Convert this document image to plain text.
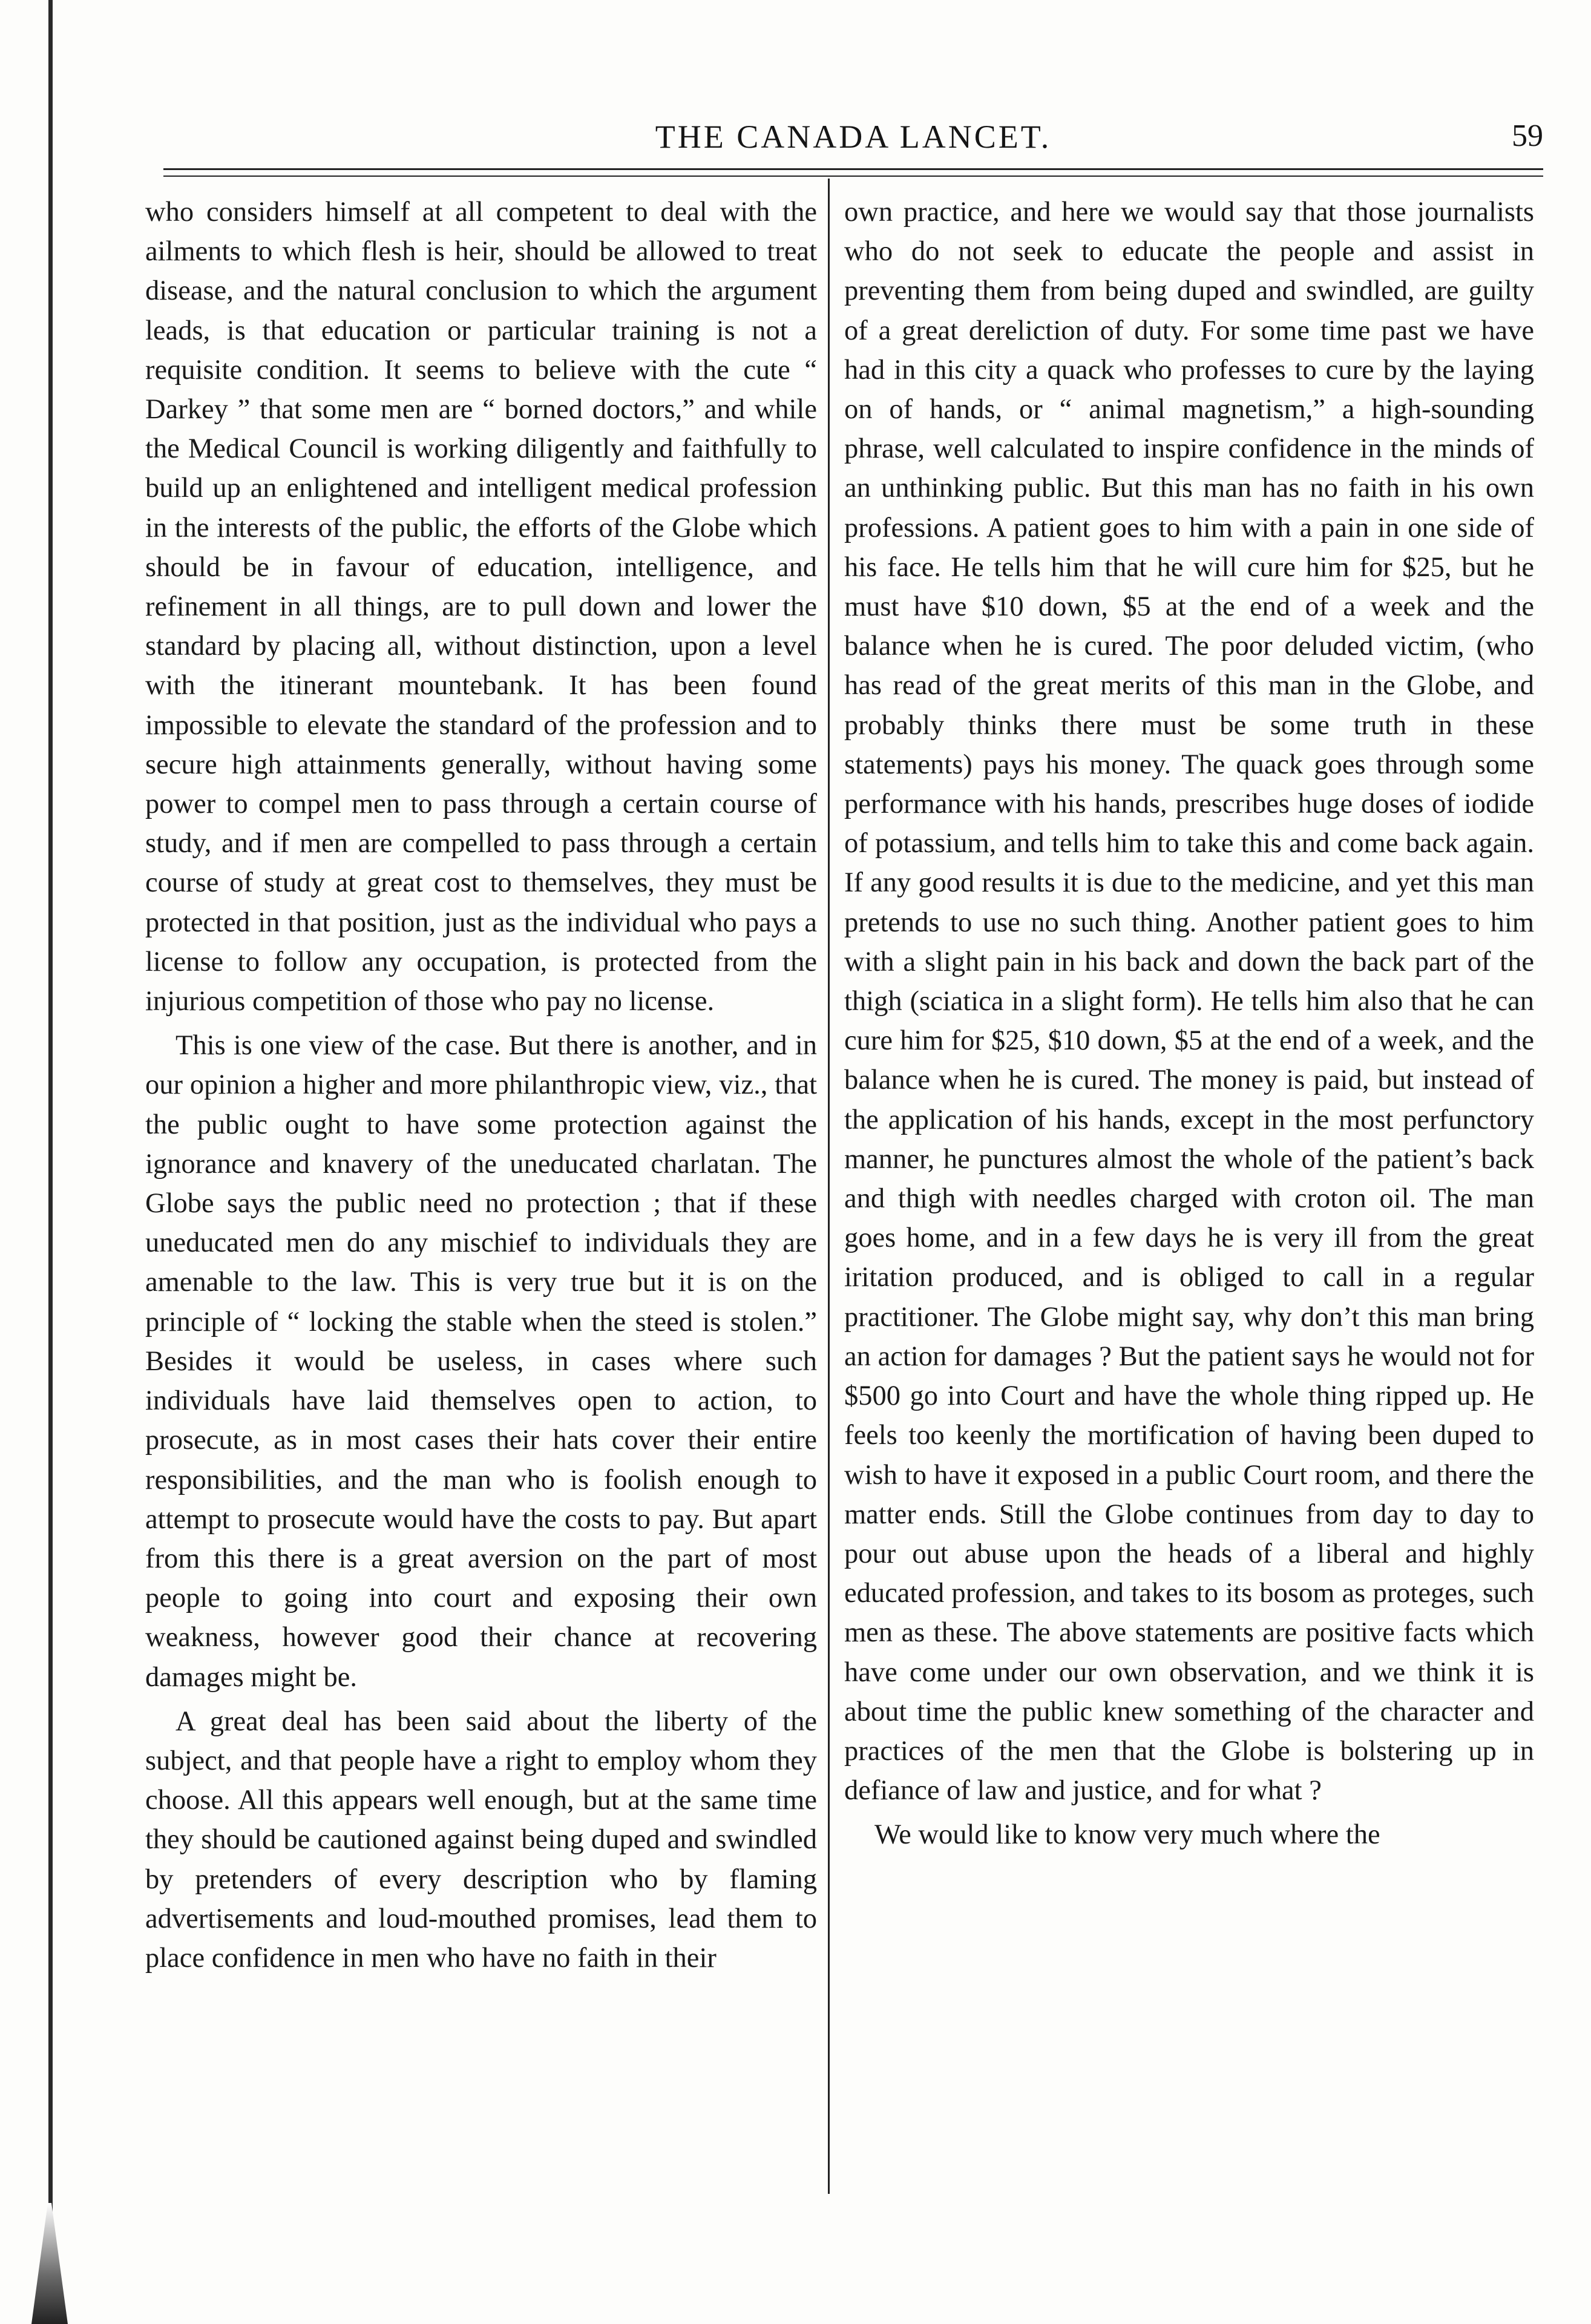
THE CANADA LANCET.	59

who considers himself at all competent to deal with the ailments to which flesh is heir, should be allowed to treat disease, and the natural conclusion to which the argument leads, is that education or particular training is not a requisite condition. It seems to believe with the cute “ Darkey ” that some men are “ borned doctors,” and while the Medical Council is working diligently and faithfully to build up an enlightened and intelligent medical profession in the interests of the public, the efforts of the Globe which should be in favour of education, intelligence, and refinement in all things, are to pull down and lower the standard by placing all, without distinction, upon a level with the itinerant mountebank. It has been found impossible to elevate the standard of the profession and to secure high attainments generally, without having some power to compel men to pass through a certain course of study, and if men are compelled to pass through a certain course of study at great cost to themselves, they must be protected in that position, just as the individual who pays a license to follow any occupation, is protected from the injurious competition of those who pay no license.

This is one view of the case. But there is another, and in our opinion a higher and more philanthropic view, viz., that the public ought to have some protection against the ignorance and knavery of the uneducated charlatan. The Globe says the public need no protection ; that if these uneducated men do any mischief to individuals they are amenable to the law. This is very true but it is on the principle of “ locking the stable when the steed is stolen.” Besides it would be useless, in cases where such individuals have laid themselves open to action, to prosecute, as in most cases their hats cover their entire responsibilities, and the man who is foolish enough to attempt to prosecute would have the costs to pay. But apart from this there is a great aversion on the part of most people to going into court and exposing their own weakness, however good their chance at recovering damages might be.

A great deal has been said about the liberty of the subject, and that people have a right to employ whom they choose. All this appears well enough, but at the same time they should be cautioned against being duped and swindled by pretenders of every description who by flaming advertisements and loud-mouthed promises, lead them to place confidence in men who have no faith in their

own practice, and here we would say that those journalists who do not seek to educate the people and assist in preventing them from being duped and swindled, are guilty of a great dereliction of duty. For some time past we have had in this city a quack who professes to cure by the laying on of hands, or “ animal magnetism,” a high-sounding phrase, well calculated to inspire confidence in the minds of an unthinking public. But this man has no faith in his own professions. A patient goes to him with a pain in one side of his face. He tells him that he will cure him for $25, but he must have $10 down, $5 at the end of a week and the balance when he is cured. The poor deluded victim, (who has read of the great merits of this man in the Globe, and probably thinks there must be some truth in these statements) pays his money. The quack goes through some performance with his hands, prescribes huge doses of iodide of potassium, and tells him to take this and come back again. If any good results it is due to the medicine, and yet this man pretends to use no such thing. Another patient goes to him with a slight pain in his back and down the back part of the thigh (sciatica in a slight form). He tells him also that he can cure him for $25, $10 down, $5 at the end of a week, and the balance when he is cured. The money is paid, but instead of the application of his hands, except in the most perfunctory manner, he punctures almost the whole of the patient’s back and thigh with needles charged with croton oil. The man goes home, and in a few days he is very ill from the great iritation produced, and is obliged to call in a regular practitioner. The Globe might say, why don’t this man bring an action for damages ? But the patient says he would not for $500 go into Court and have the whole thing ripped up. He feels too keenly the mortification of having been duped to wish to have it exposed in a public Court room, and there the matter ends. Still the Globe continues from day to day to pour out abuse upon the heads of a liberal and highly educated profession, and takes to its bosom as proteges, such men as these. The above statements are positive facts which have come under our own observation, and we think it is about time the public knew something of the character and practices of the men that the Globe is bolstering up in defiance of law and justice, and for what ?

We would like to know very much where the
